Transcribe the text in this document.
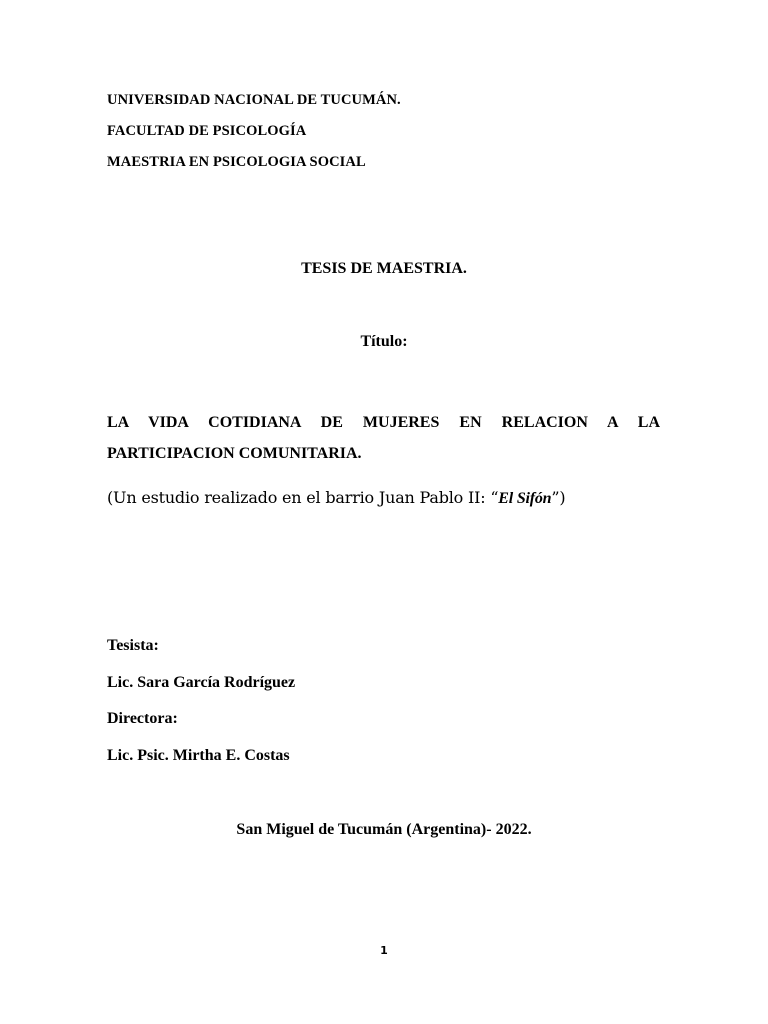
UNIVERSIDAD NACIONAL DE TUCUMÁN.
FACULTAD DE PSICOLOGÍA
MAESTRIA EN PSICOLOGIA SOCIAL
TESIS DE MAESTRIA.
Título:
LA VIDA COTIDIANA DE MUJERES EN RELACION A LA
PARTICIPACION COMUNITARIA.
(Un estudio realizado en el barrio Juan Pablo II: “El Sifón”)
Tesista:
Lic. Sara García Rodríguez
Directora:
Lic. Psic. Mirtha E. Costas
San Miguel de Tucumán (Argentina)- 2022.
1
